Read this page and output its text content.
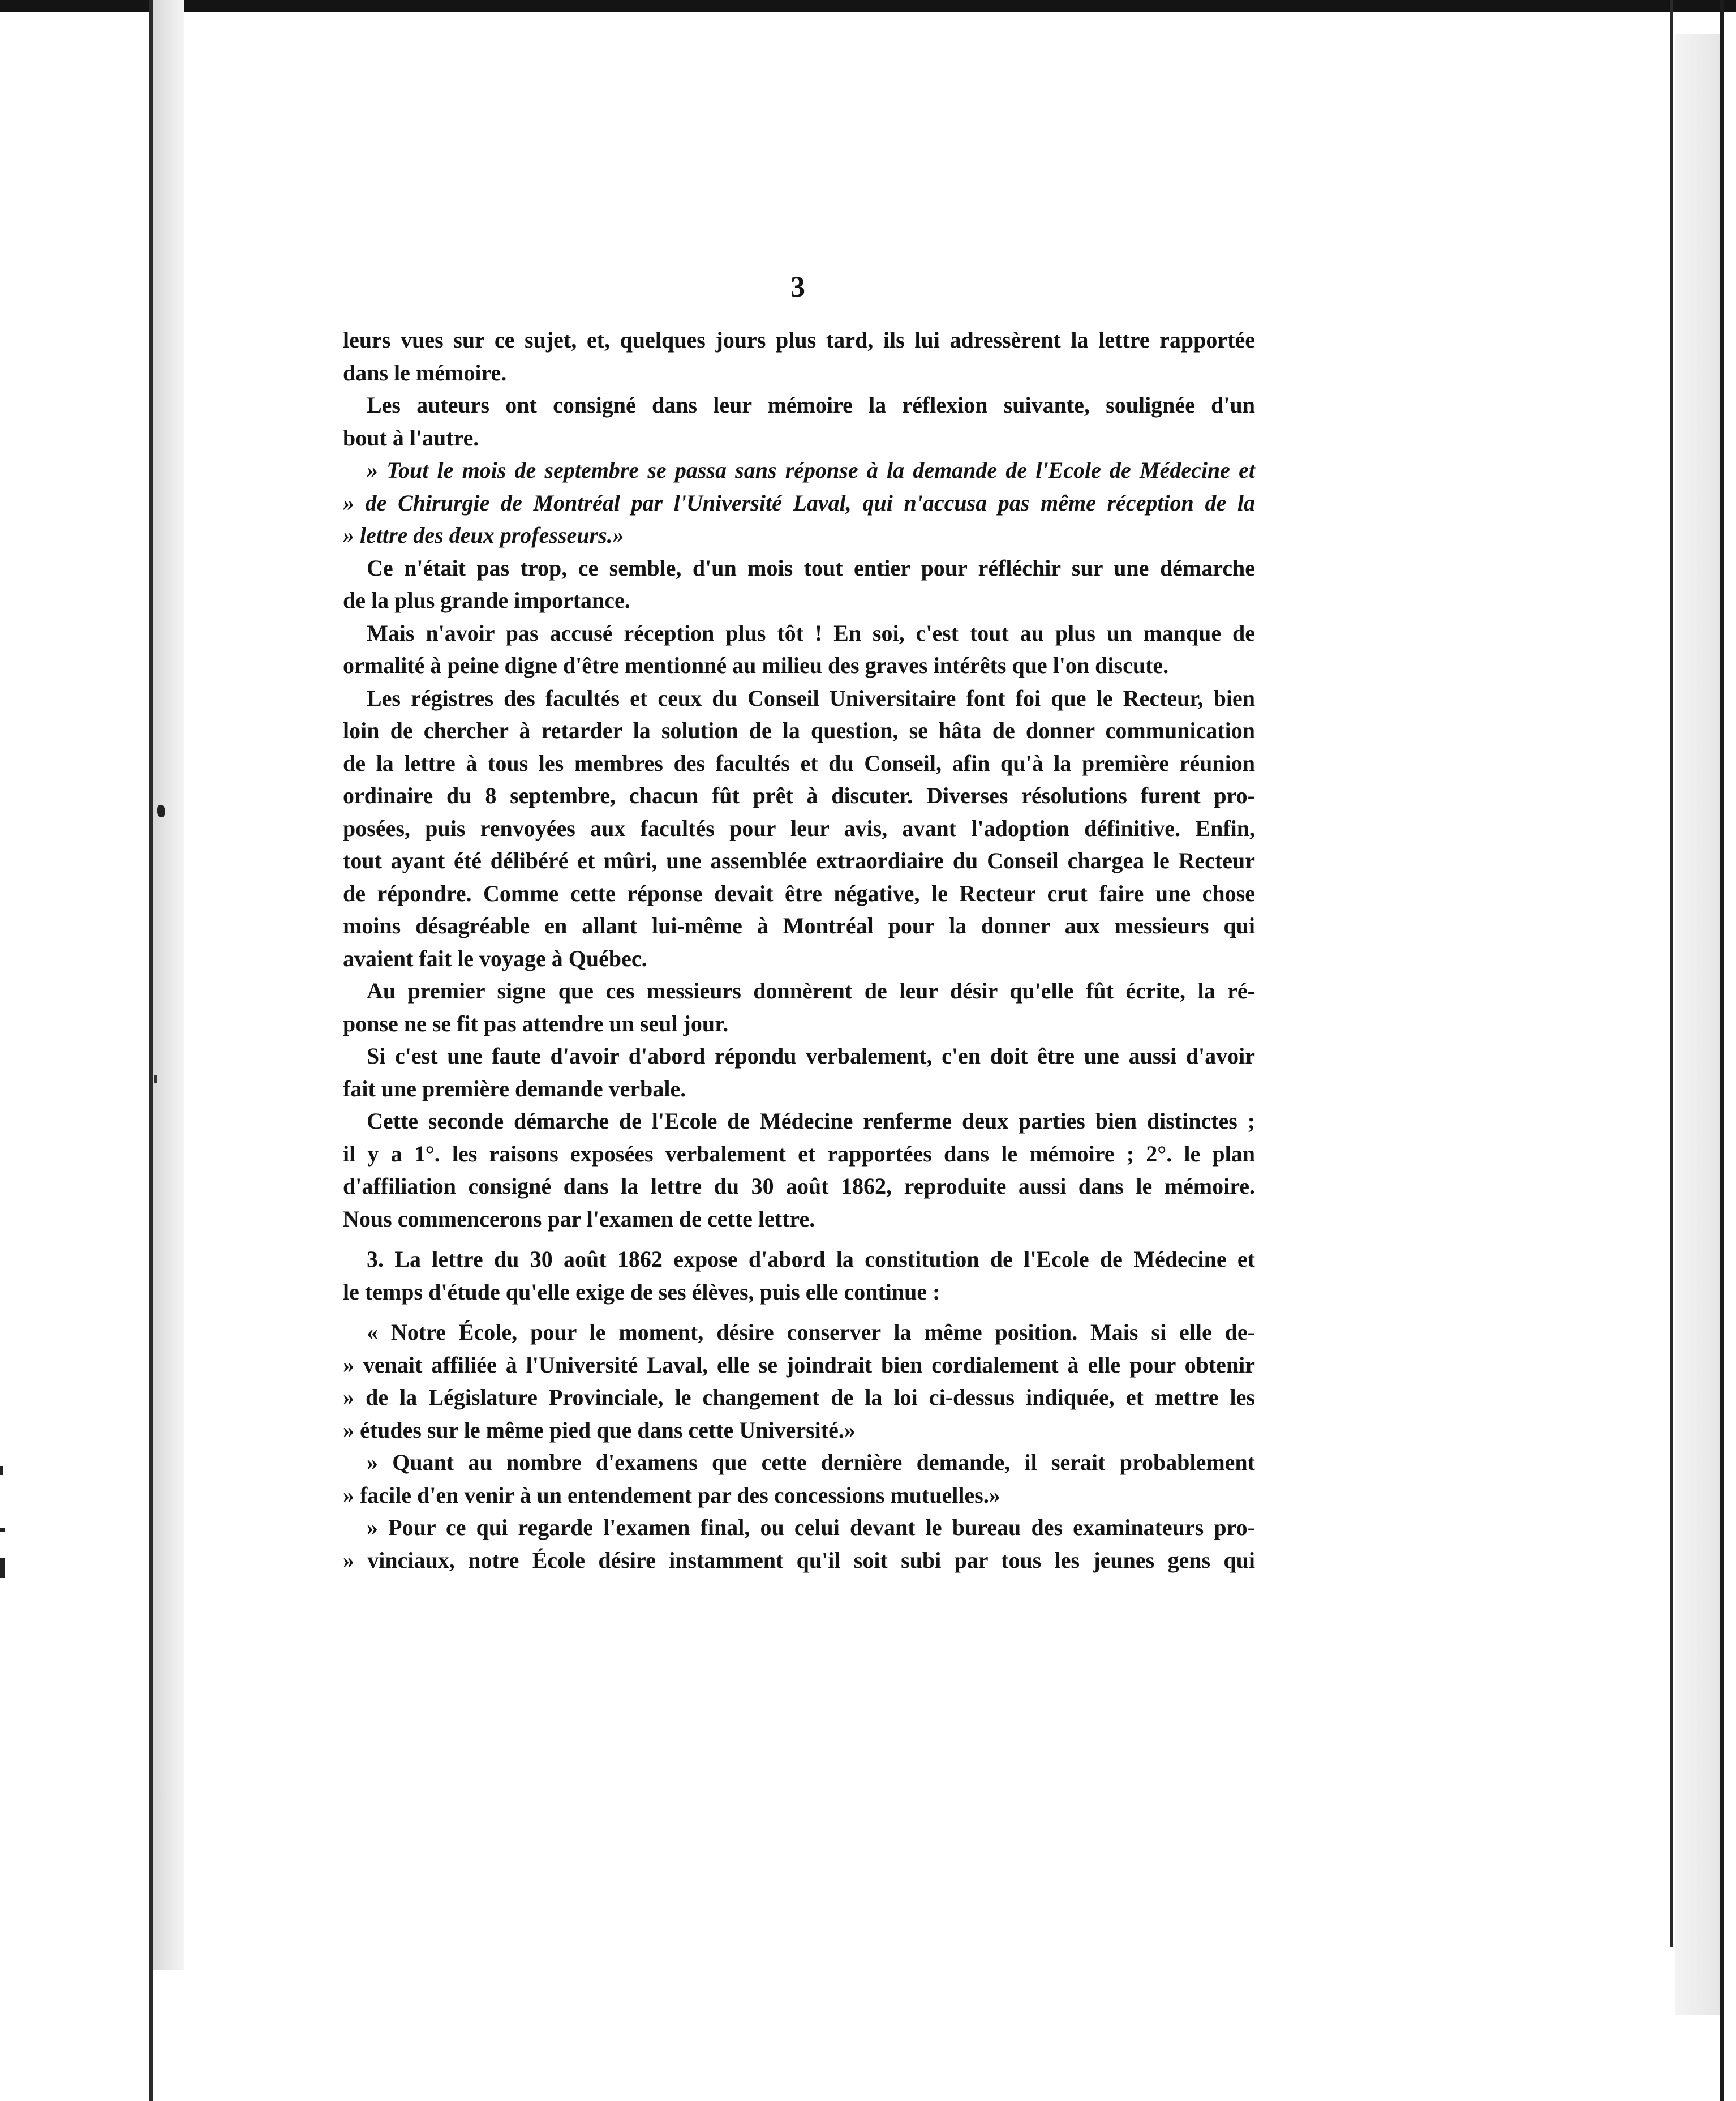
3
leurs vues sur ce sujet, et, quelques jours plus tard, ils lui adressèrent la lettre rapportée
dans le mémoire.
Les auteurs ont consigné dans leur mémoire la réflexion suivante, soulignée d'un
bout à l'autre.
» Tout le mois de septembre se passa sans réponse à la demande de l'Ecole de Médecine et
» de Chirurgie de Montréal par l'Université Laval, qui n'accusa pas même réception de la
» lettre des deux professeurs.»
Ce n'était pas trop, ce semble, d'un mois tout entier pour réfléchir sur une démarche
de la plus grande importance.
Mais n'avoir pas accusé réception plus tôt ! En soi, c'est tout au plus un manque de
ormalité à peine digne d'être mentionné au milieu des graves intérêts que l'on discute.
Les régistres des facultés et ceux du Conseil Universitaire font foi que le Recteur, bien
loin de chercher à retarder la solution de la question, se hâta de donner communication
de la lettre à tous les membres des facultés et du Conseil, afin qu'à la première réunion
ordinaire du 8 septembre, chacun fût prêt à discuter. Diverses résolutions furent pro-
posées, puis renvoyées aux facultés pour leur avis, avant l'adoption définitive. Enfin,
tout ayant été délibéré et mûri, une assemblée extraordiaire du Conseil chargea le Recteur
de répondre. Comme cette réponse devait être négative, le Recteur crut faire une chose
moins désagréable en allant lui-même à Montréal pour la donner aux messieurs qui
avaient fait le voyage à Québec.
Au premier signe que ces messieurs donnèrent de leur désir qu'elle fût écrite, la ré-
ponse ne se fit pas attendre un seul jour.
Si c'est une faute d'avoir d'abord répondu verbalement, c'en doit être une aussi d'avoir
fait une première demande verbale.
Cette seconde démarche de l'Ecole de Médecine renferme deux parties bien distinctes ;
il y a 1°. les raisons exposées verbalement et rapportées dans le mémoire ; 2°. le plan
d'affiliation consigné dans la lettre du 30 août 1862, reproduite aussi dans le mémoire.
Nous commencerons par l'examen de cette lettre.
3. La lettre du 30 août 1862 expose d'abord la constitution de l'Ecole de Médecine et
le temps d'étude qu'elle exige de ses élèves, puis elle continue :
« Notre École, pour le moment, désire conserver la même position. Mais si elle de-
» venait affiliée à l'Université Laval, elle se joindrait bien cordialement à elle pour obtenir
» de la Législature Provinciale, le changement de la loi ci-dessus indiquée, et mettre les
» études sur le même pied que dans cette Université.»
» Quant au nombre d'examens que cette dernière demande, il serait probablement
» facile d'en venir à un entendement par des concessions mutuelles.»
» Pour ce qui regarde l'examen final, ou celui devant le bureau des examinateurs pro-
» vinciaux, notre École désire instamment qu'il soit subi par tous les jeunes gens qui
